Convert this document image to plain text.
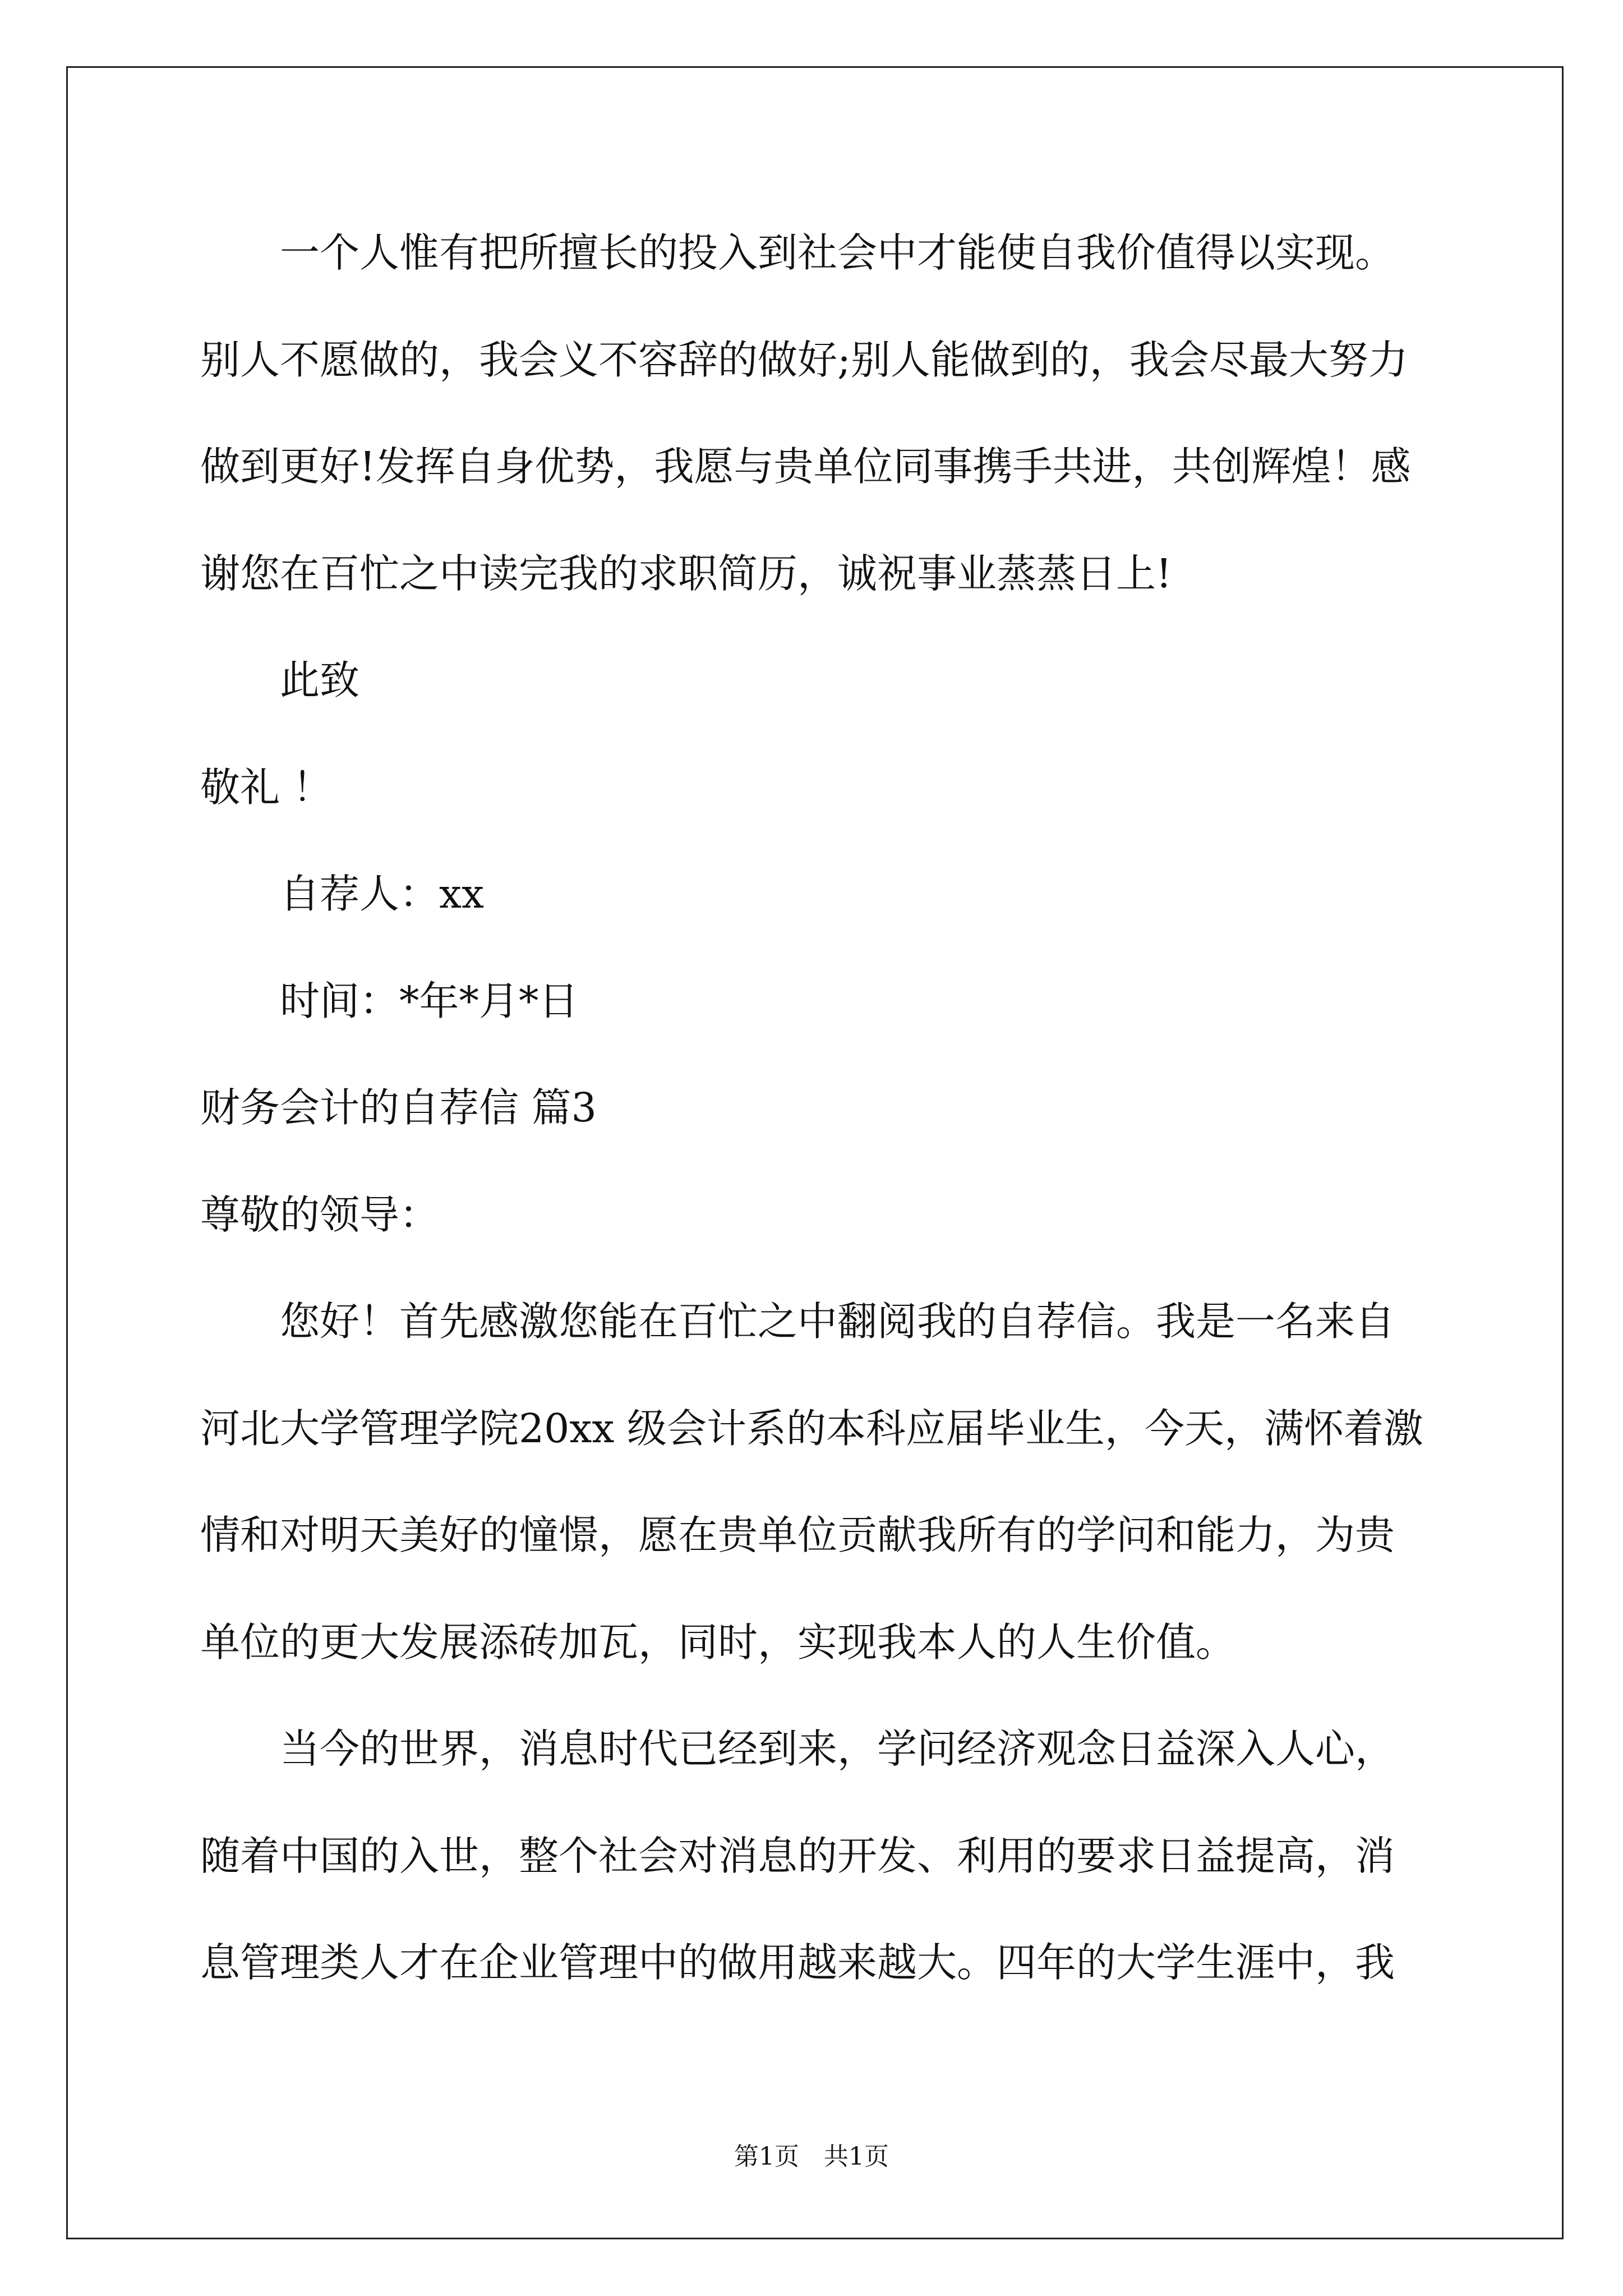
一个人惟有把所擅长的投入到社会中才能使自我价值得以实现。
别人不愿做的，我会义不容辞的做好;别人能做到的，我会尽最大努力
做到更好!发挥自身优势，我愿与贵单位同事携手共进，共创辉煌！感
谢您在百忙之中读完我的求职简历，诚祝事业蒸蒸日上!
此致
敬礼 ！
自荐人：xx
时间：*年*月*日
财务会计的自荐信 篇3
尊敬的领导：
您好！首先感激您能在百忙之中翻阅我的自荐信。我是一名来自
河北大学管理学院20xx 级会计系的本科应届毕业生，今天，满怀着激
情和对明天美好的憧憬，愿在贵单位贡献我所有的学问和能力，为贵
单位的更大发展添砖加瓦，同时，实现我本人的人生价值。
当今的世界，消息时代已经到来，学问经济观念日益深入人心，
随着中国的入世，整个社会对消息的开发、利用的要求日益提高，消
息管理类人才在企业管理中的做用越来越大。四年的大学生涯中，我
第1页 共1页
